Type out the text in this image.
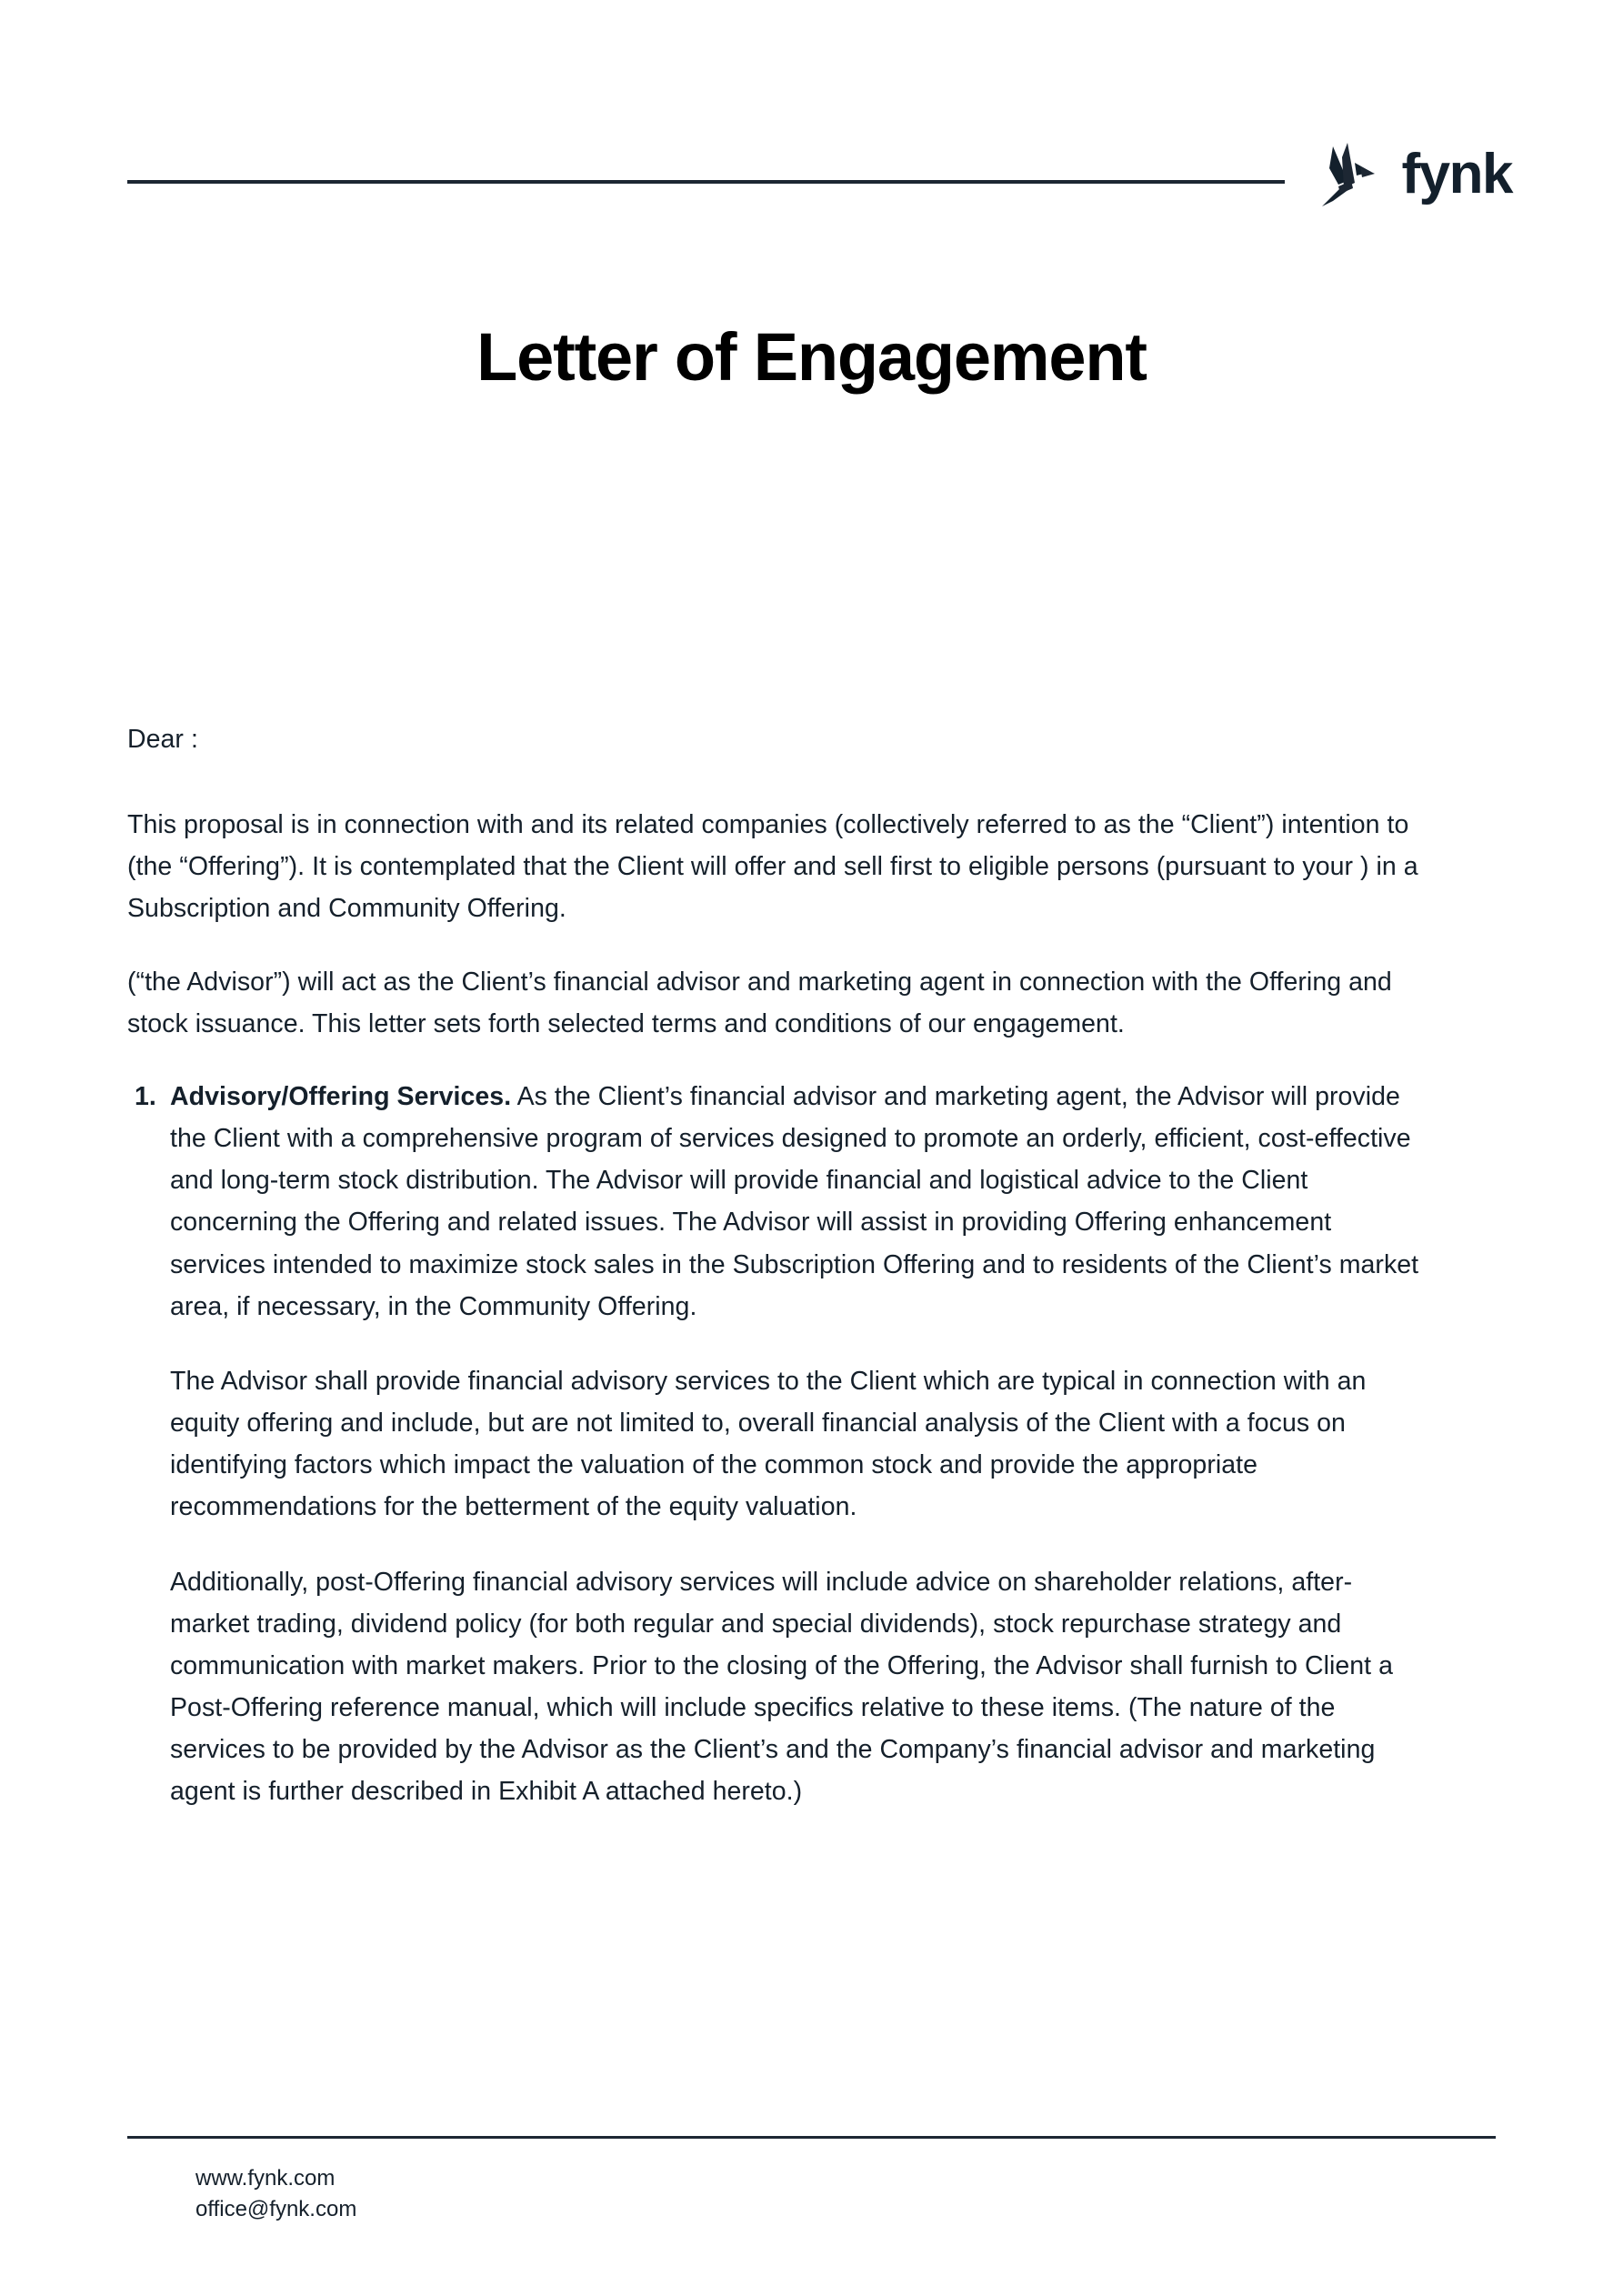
fynk
Letter of Engagement

Dear :

This proposal is in connection with and its related companies (collectively referred to as the “Client”) intention to (the “Offering”). It is contemplated that the Client will offer and sell first to eligible persons (pursuant to your ) in a Subscription and Community Offering.

(“the Advisor”) will act as the Client’s financial advisor and marketing agent in connection with the Offering and stock issuance. This letter sets forth selected terms and conditions of our engagement.

1. Advisory/Offering Services. As the Client’s financial advisor and marketing agent, the Advisor will provide the Client with a comprehensive program of services designed to promote an orderly, efficient, cost-effective and long-term stock distribution. The Advisor will provide financial and logistical advice to the Client concerning the Offering and related issues. The Advisor will assist in providing Offering enhancement services intended to maximize stock sales in the Subscription Offering and to residents of the Client’s market area, if necessary, in the Community Offering.

The Advisor shall provide financial advisory services to the Client which are typical in connection with an equity offering and include, but are not limited to, overall financial analysis of the Client with a focus on identifying factors which impact the valuation of the common stock and provide the appropriate recommendations for the betterment of the equity valuation.

Additionally, post-Offering financial advisory services will include advice on shareholder relations, after-market trading, dividend policy (for both regular and special dividends), stock repurchase strategy and communication with market makers. Prior to the closing of the Offering, the Advisor shall furnish to Client a Post-Offering reference manual, which will include specifics relative to these items. (The nature of the services to be provided by the Advisor as the Client’s and the Company’s financial advisor and marketing agent is further described in Exhibit A attached hereto.)

www.fynk.com
office@fynk.com
